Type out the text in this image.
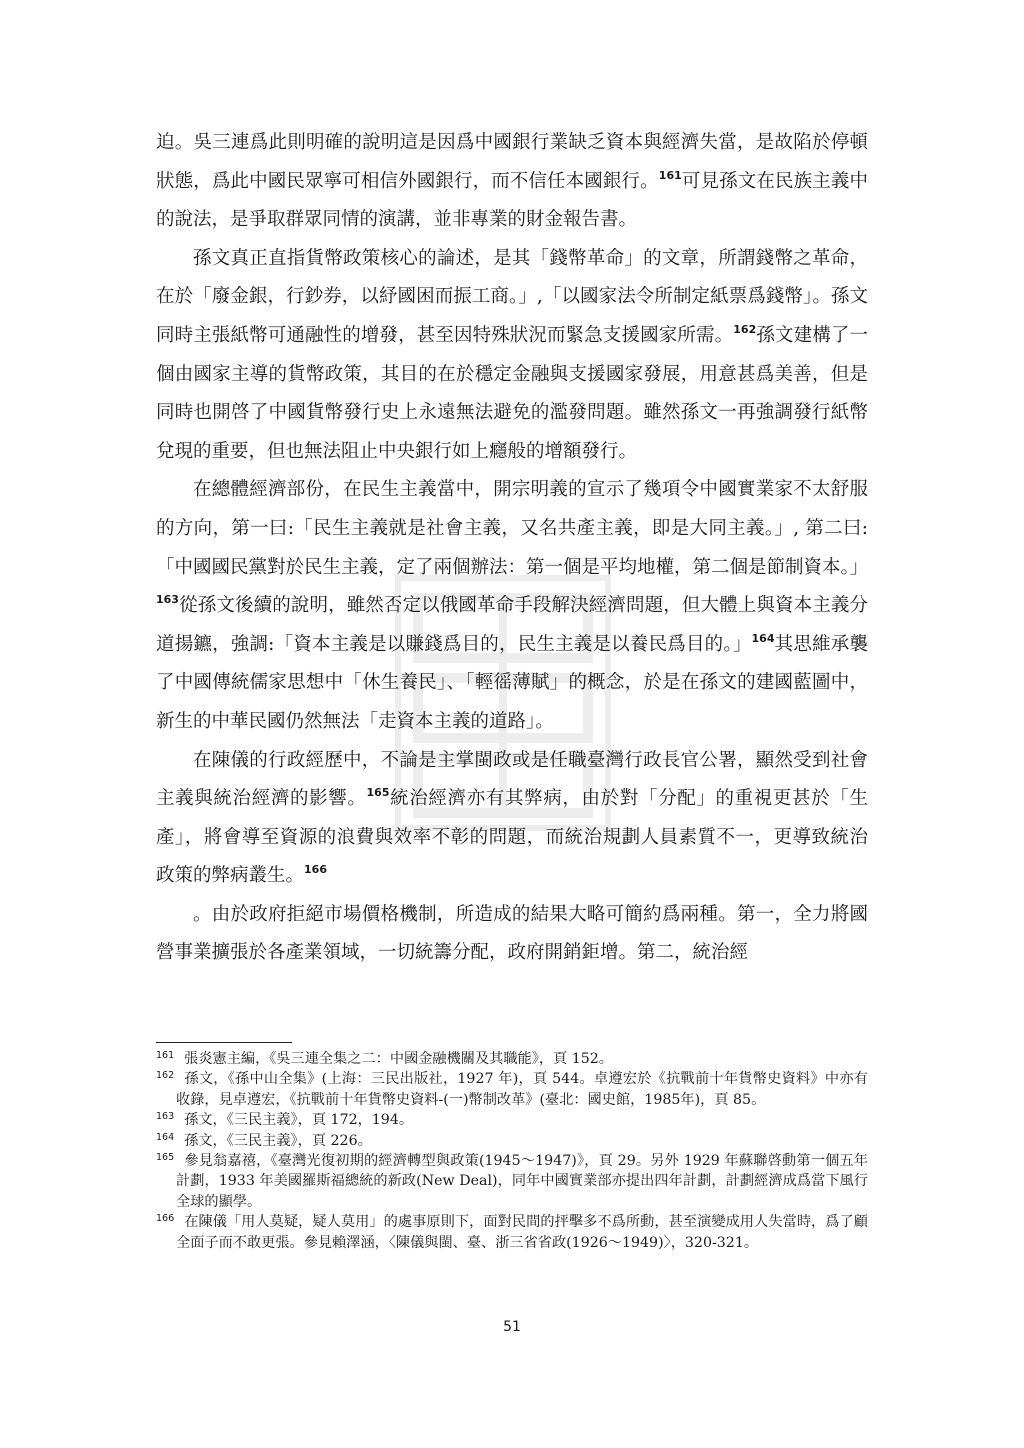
迫。吳三連爲此則明確的說明這是因爲中國銀行業缺乏資本與經濟失當，是故陷於停頓狀態，爲此中國民眾寧可相信外國銀行，而不信任本國銀行。$^{161}$可見孫文在民族主義中的說法，是爭取群眾同情的演講，並非專業的財金報告書。

孫文真正直指貨幣政策核心的論述，是其「錢幣革命」的文章，所謂錢幣之革命，在於「廢金銀，行鈔券，以紓國困而振工商。」,「以國家法令所制定紙票爲錢幣」。孫文同時主張紙幣可通融性的增發，甚至因特殊狀況而緊急支援國家所需。$^{162}$孫文建構了一個由國家主導的貨幣政策，其目的在於穩定金融與支援國家發展，用意甚爲美善，但是同時也開啓了中國貨幣發行史上永遠無法避免的濫發問題。雖然孫文一再強調發行紙幣兌現的重要，但也無法阻止中央銀行如上癮般的增額發行。

在總體經濟部份，在民生主義當中，開宗明義的宣示了幾項令中國實業家不太舒服的方向，第一曰:「民生主義就是社會主義，又名共產主義，即是大同主義。」, 第二曰:「中國國民黨對於民生主義，定了兩個辦法：第一個是平均地權，第二個是節制資本。」$^{163}$從孫文後續的說明，雖然否定以俄國革命手段解決經濟問題，但大體上與資本主義分道揚鑣，強調:「資本主義是以賺錢爲目的，民生主義是以養民爲目的。」$^{164}$其思維承襲了中國傳統儒家思想中「休生養民」、「輕徭薄賦」的概念，於是在孫文的建國藍圖中，新生的中華民國仍然無法「走資本主義的道路」。

在陳儀的行政經歷中，不論是主掌閩政或是任職臺灣行政長官公署，顯然受到社會主義與統治經濟的影響。$^{165}$統治經濟亦有其弊病，由於對「分配」的重視更甚於「生產」，將會導至資源的浪費與效率不彰的問題，而統治規劃人員素質不一，更導致統治政策的弊病叢生。$^{166}$

。由於政府拒絕市場價格機制，所造成的結果大略可簡約爲兩種。第一，全力將國營事業擴張於各產業領域，一切統籌分配，政府開銷鉅增。第二，統治經

$^{161}$ 張炎憲主編，《吳三連全集之二：中國金融機關及其職能》，頁 152。

$^{162}$ 孫文，《孫中山全集》(上海：三民出版社，1927 年)，頁 544。卓遵宏於《抗戰前十年貨幣史資料》中亦有收錄，見卓遵宏，《抗戰前十年貨幣史資料-(一)幣制改革》(臺北：國史館，1985年)，頁 85。

$^{163}$ 孫文，《三民主義》，頁 172，194。

$^{164}$ 孫文，《三民主義》，頁 226。

$^{165}$ 參見翁嘉禧，《臺灣光復初期的經濟轉型與政策(1945～1947)》，頁 29。另外 1929 年蘇聯啓動第一個五年計劃，1933 年美國羅斯福總統的新政(New Deal)，同年中國實業部亦提出四年計劃，計劃經濟成爲當下風行全球的顯學。

$^{166}$ 在陳儀「用人莫疑，疑人莫用」的處事原則下，面對民間的抨擊多不爲所動，甚至演變成用人失當時，爲了顧全面子而不敢更張。參見賴澤涵，〈陳儀與閩、臺、浙三省省政(1926～1949)〉，320-321。

51
